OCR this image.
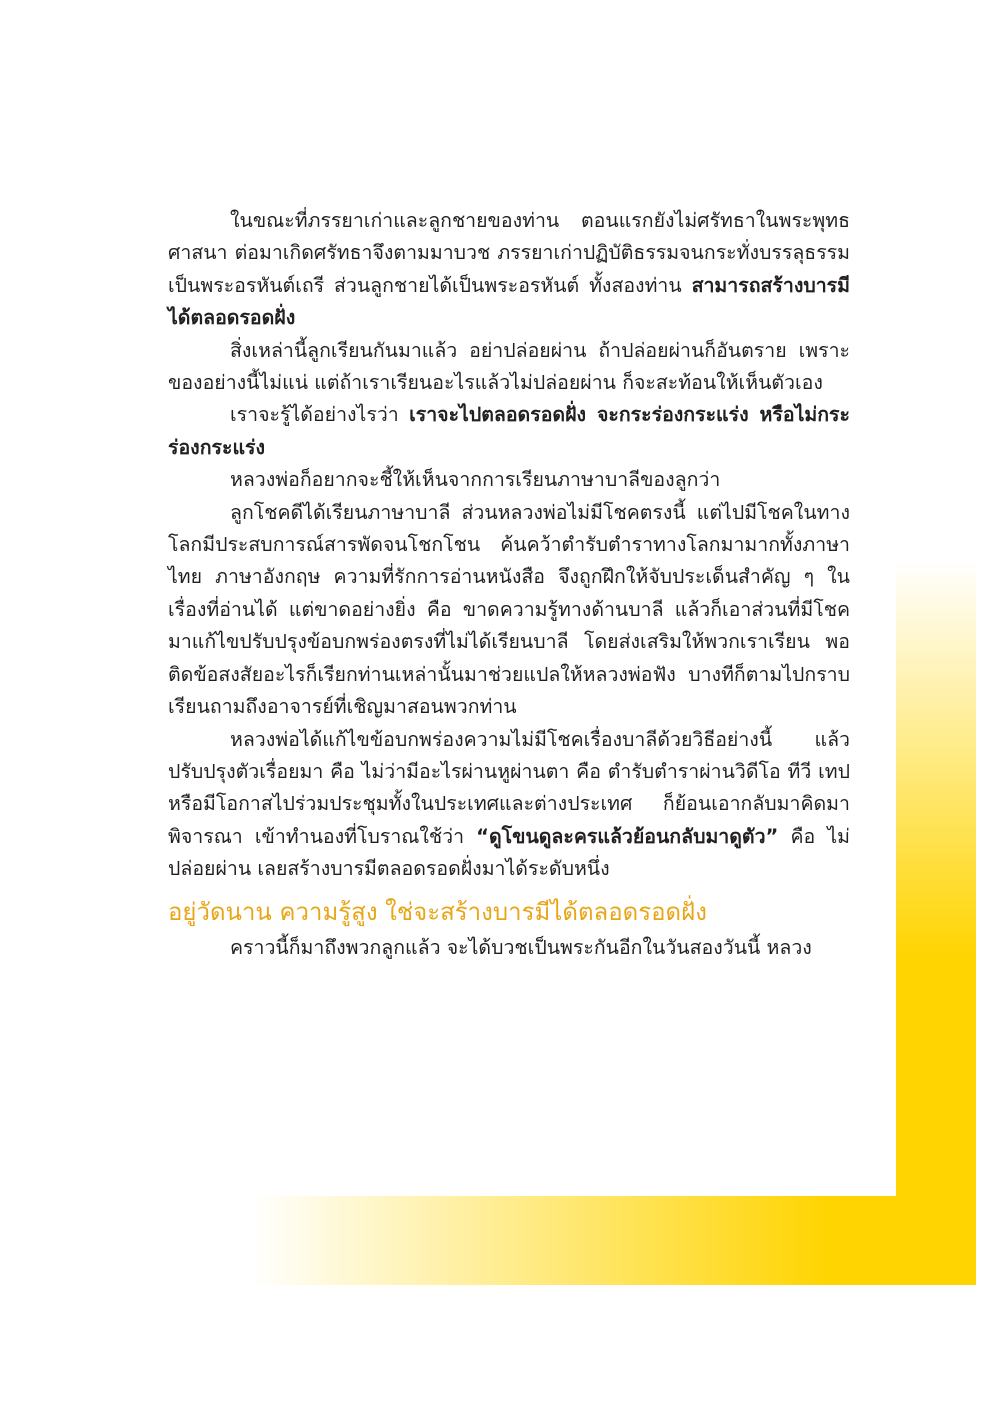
ในขณะที่ภรรยาเก่าและลูกชายของท่าน ตอนแรกยังไม่ศรัทธาในพระพุทธศาสนา ต่อมาเกิดศรัทธาจึงตามมาบวช ภรรยาเก่าปฏิบัติธรรมจนกระทั่งบรรลุธรรมเป็นพระอรหันต์เถรี ส่วนลูกชายได้เป็นพระอรหันต์ ทั้งสองท่าน สามารถสร้างบารมีได้ตลอดรอดฝั่ง

สิ่งเหล่านี้ลูกเรียนกันมาแล้ว อย่าปล่อยผ่าน ถ้าปล่อยผ่านก็อันตราย เพราะของอย่างนี้ไม่แน่ แต่ถ้าเราเรียนอะไรแล้วไม่ปล่อยผ่าน ก็จะสะท้อนให้เห็นตัวเอง

เราจะรู้ได้อย่างไรว่า เราจะไปตลอดรอดฝั่ง จะกระร่องกระแร่ง หรือไม่กระร่องกระแร่ง

หลวงพ่อก็อยากจะชี้ให้เห็นจากการเรียนภาษาบาลีของลูกว่า

ลูกโชคดีได้เรียนภาษาบาลี ส่วนหลวงพ่อไม่มีโชคตรงนี้ แต่ไปมีโชคในทางโลกมีประสบการณ์สารพัดจนโชกโชน ค้นคว้าตำรับตำราทางโลกมามากทั้งภาษาไทย ภาษาอังกฤษ ความที่รักการอ่านหนังสือ จึงถูกฝึกให้จับประเด็นสำคัญ ๆ ในเรื่องที่อ่านได้ แต่ขาดอย่างยิ่ง คือ ขาดความรู้ทางด้านบาลี แล้วก็เอาส่วนที่มีโชคมาแก้ไขปรับปรุงข้อบกพร่องตรงที่ไม่ได้เรียนบาลี โดยส่งเสริมให้พวกเราเรียน พอติดข้อสงสัยอะไรก็เรียกท่านเหล่านั้นมาช่วยแปลให้หลวงพ่อฟัง บางทีก็ตามไปกราบเรียนถามถึงอาจารย์ที่เชิญมาสอนพวกท่าน

หลวงพ่อได้แก้ไขข้อบกพร่องความไม่มีโชคเรื่องบาลีด้วยวิธีอย่างนี้ แล้วปรับปรุงตัวเรื่อยมา คือ ไม่ว่ามีอะไรผ่านหูผ่านตา คือ ตำรับตำราผ่านวิดีโอ ทีวี เทป หรือมีโอกาสไปร่วมประชุมทั้งในประเทศและต่างประเทศ ก็ย้อนเอากลับมาคิดมาพิจารณา เข้าทำนองที่โบราณใช้ว่า “ดูโขนดูละครแล้วย้อนกลับมาดูตัว” คือ ไม่ปล่อยผ่าน เลยสร้างบารมีตลอดรอดฝั่งมาได้ระดับหนึ่ง

อยู่วัดนาน ความรู้สูง ใช่จะสร้างบารมีได้ตลอดรอดฝั่ง

คราวนี้ก็มาถึงพวกลูกแล้ว จะได้บวชเป็นพระกันอีกในวันสองวันนี้ หลวง
